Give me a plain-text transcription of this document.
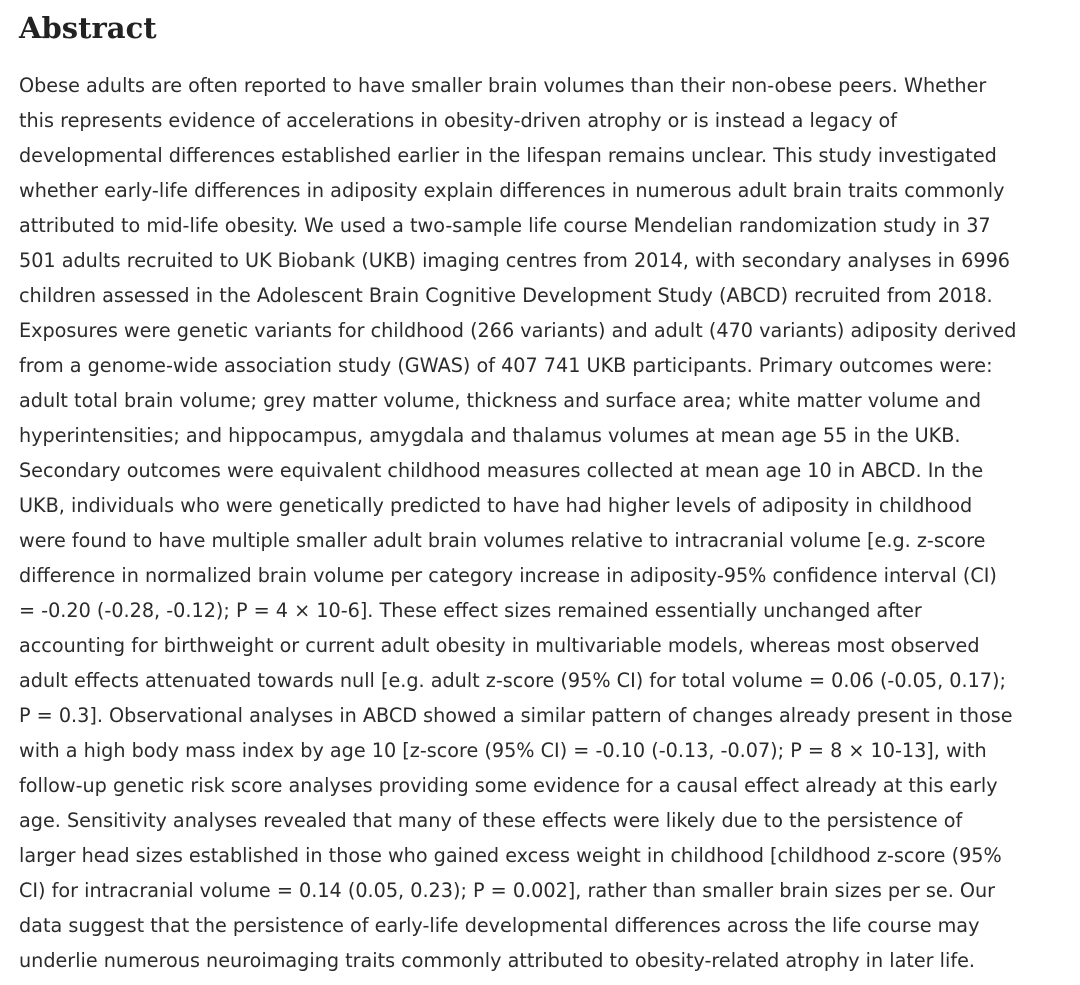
Abstract

Obese adults are often reported to have smaller brain volumes than their non-obese peers. Whether
this represents evidence of accelerations in obesity-driven atrophy or is instead a legacy of
developmental differences established earlier in the lifespan remains unclear. This study investigated
whether early-life differences in adiposity explain differences in numerous adult brain traits commonly
attributed to mid-life obesity. We used a two-sample life course Mendelian randomization study in 37
501 adults recruited to UK Biobank (UKB) imaging centres from 2014, with secondary analyses in 6996
children assessed in the Adolescent Brain Cognitive Development Study (ABCD) recruited from 2018.
Exposures were genetic variants for childhood (266 variants) and adult (470 variants) adiposity derived
from a genome-wide association study (GWAS) of 407 741 UKB participants. Primary outcomes were:
adult total brain volume; grey matter volume, thickness and surface area; white matter volume and
hyperintensities; and hippocampus, amygdala and thalamus volumes at mean age 55 in the UKB.
Secondary outcomes were equivalent childhood measures collected at mean age 10 in ABCD. In the
UKB, individuals who were genetically predicted to have had higher levels of adiposity in childhood
were found to have multiple smaller adult brain volumes relative to intracranial volume [e.g. z-score
difference in normalized brain volume per category increase in adiposity-95% confidence interval (CI)
= -0.20 (-0.28, -0.12); P = 4 × 10-6]. These effect sizes remained essentially unchanged after
accounting for birthweight or current adult obesity in multivariable models, whereas most observed
adult effects attenuated towards null [e.g. adult z-score (95% CI) for total volume = 0.06 (-0.05, 0.17);
P = 0.3]. Observational analyses in ABCD showed a similar pattern of changes already present in those
with a high body mass index by age 10 [z-score (95% CI) = -0.10 (-0.13, -0.07); P = 8 × 10-13], with
follow-up genetic risk score analyses providing some evidence for a causal effect already at this early
age. Sensitivity analyses revealed that many of these effects were likely due to the persistence of
larger head sizes established in those who gained excess weight in childhood [childhood z-score (95%
CI) for intracranial volume = 0.14 (0.05, 0.23); P = 0.002], rather than smaller brain sizes per se. Our
data suggest that the persistence of early-life developmental differences across the life course may
underlie numerous neuroimaging traits commonly attributed to obesity-related atrophy in later life.
